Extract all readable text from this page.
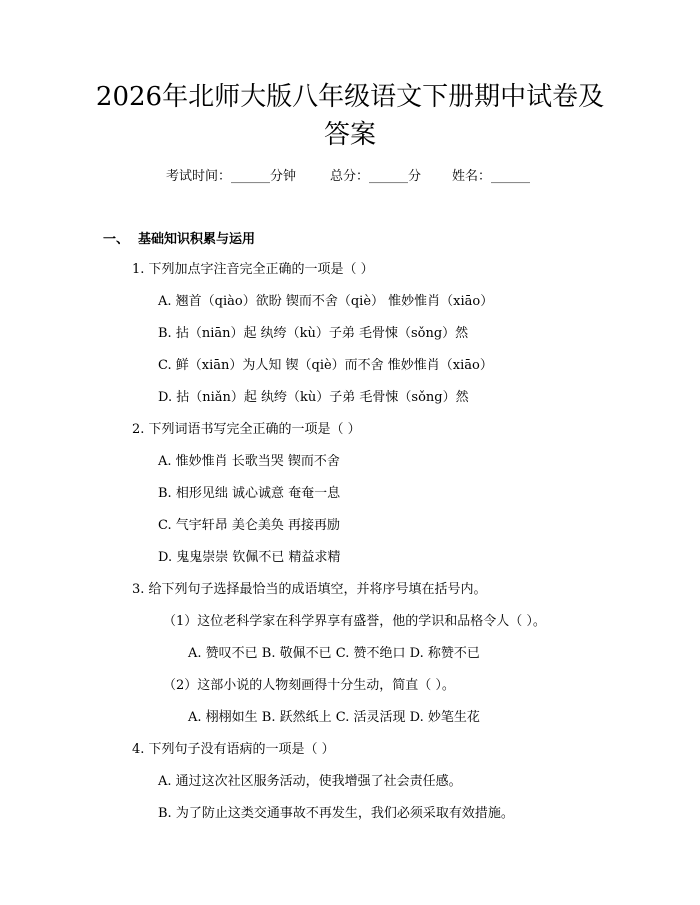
2026年北师大版八年级语文下册期中试卷及
答案
考试时间：______分钟	总分：______分 姓名：______
一、 基础知识积累与运用
1. 下列加点字注音完全正确的一项是（ ）
A. 翘首（qiào）欲盼 锲而不舍（qiè） 惟妙惟肖（xiāo）
B. 拈（niān）起 纨绔（kù）子弟 毛骨悚（sǒng）然
C. 鲜（xiān）为人知 锲（qiè）而不舍 惟妙惟肖（xiāo）
D. 拈（niǎn）起 纨绔（kù）子弟 毛骨悚（sǒng）然
2. 下列词语书写完全正确的一项是（ ）
A. 惟妙惟肖 长歌当哭 锲而不舍
B. 相形见绌 诚心诚意 奄奄一息
C. 气宇轩昂 美仑美奂 再接再励
D. 鬼鬼崇崇 钦佩不已 精益求精
3. 给下列句子选择最恰当的成语填空，并将序号填在括号内。
（1）这位老科学家在科学界享有盛誉，他的学识和品格令人（ ）。
A. 赞叹不已 B. 敬佩不已 C. 赞不绝口 D. 称赞不已
（2）这部小说的人物刻画得十分生动，简直（ ）。
A. 栩栩如生 B. 跃然纸上 C. 活灵活现 D. 妙笔生花
4. 下列句子没有语病的一项是（ ）
A. 通过这次社区服务活动，使我增强了社会责任感。
B. 为了防止这类交通事故不再发生，我们必须采取有效措施。
